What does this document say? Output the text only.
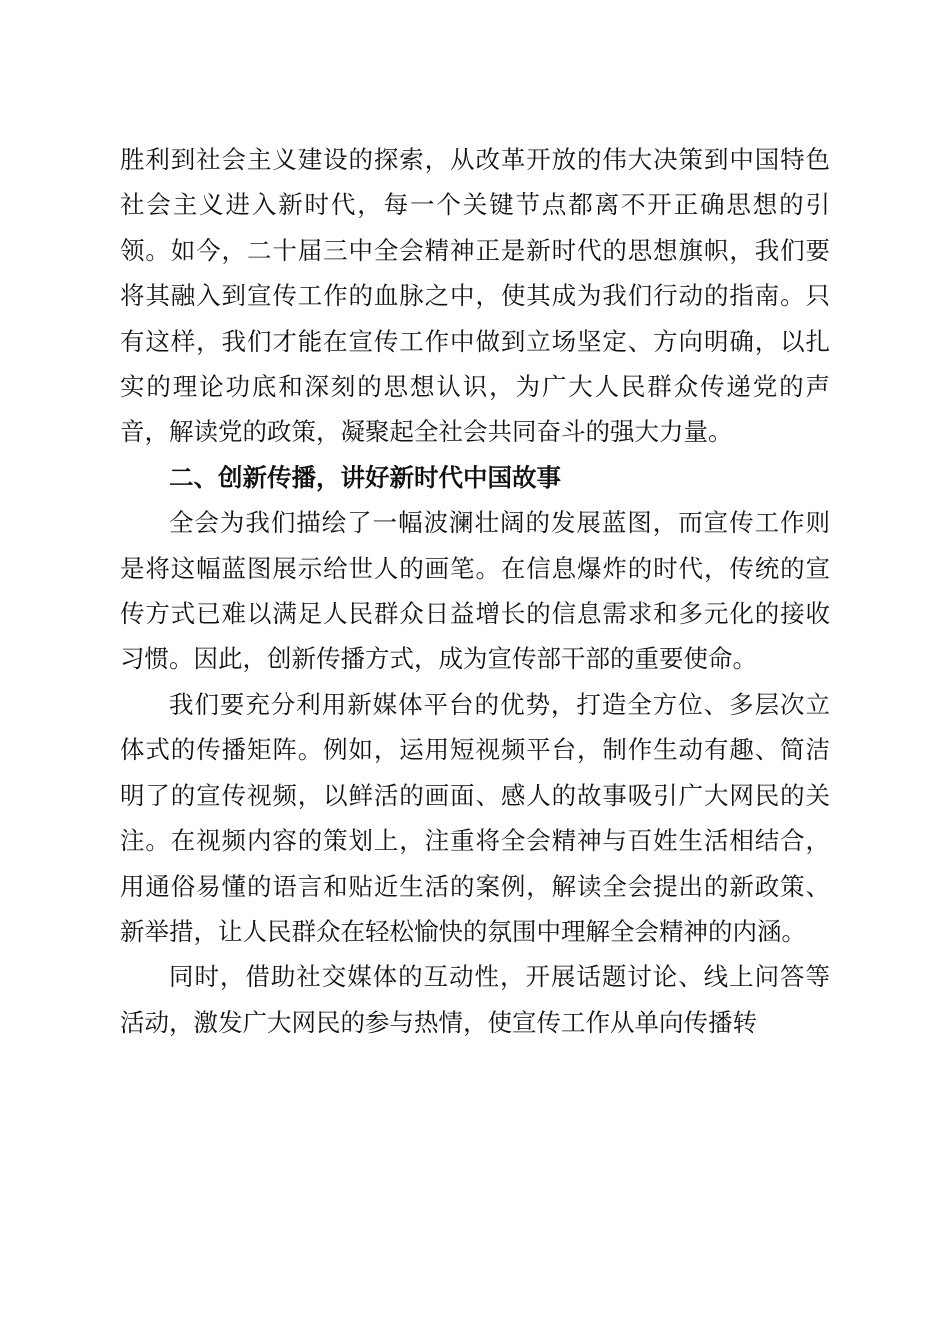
胜利到社会主义建设的探索，从改革开放的伟大决策到中国特色社会主义进入新时代，每一个关键节点都离不开正确思想的引领。如今，二十届三中全会精神正是新时代的思想旗帜，我们要将其融入到宣传工作的血脉之中，使其成为我们行动的指南。只有这样，我们才能在宣传工作中做到立场坚定、方向明确，以扎实的理论功底和深刻的思想认识，为广大人民群众传递党的声音，解读党的政策，凝聚起全社会共同奋斗的强大力量。

二、创新传播，讲好新时代中国故事

全会为我们描绘了一幅波澜壮阔的发展蓝图，而宣传工作则是将这幅蓝图展示给世人的画笔。在信息爆炸的时代，传统的宣传方式已难以满足人民群众日益增长的信息需求和多元化的接收习惯。因此，创新传播方式，成为宣传部干部的重要使命。

我们要充分利用新媒体平台的优势，打造全方位、多层次立体式的传播矩阵。例如，运用短视频平台，制作生动有趣、简洁明了的宣传视频，以鲜活的画面、感人的故事吸引广大网民的关注。在视频内容的策划上，注重将全会精神与百姓生活相结合，用通俗易懂的语言和贴近生活的案例，解读全会提出的新政策、新举措，让人民群众在轻松愉快的氛围中理解全会精神的内涵。

同时，借助社交媒体的互动性，开展话题讨论、线上问答等活动，激发广大网民的参与热情，使宣传工作从单向传播转
